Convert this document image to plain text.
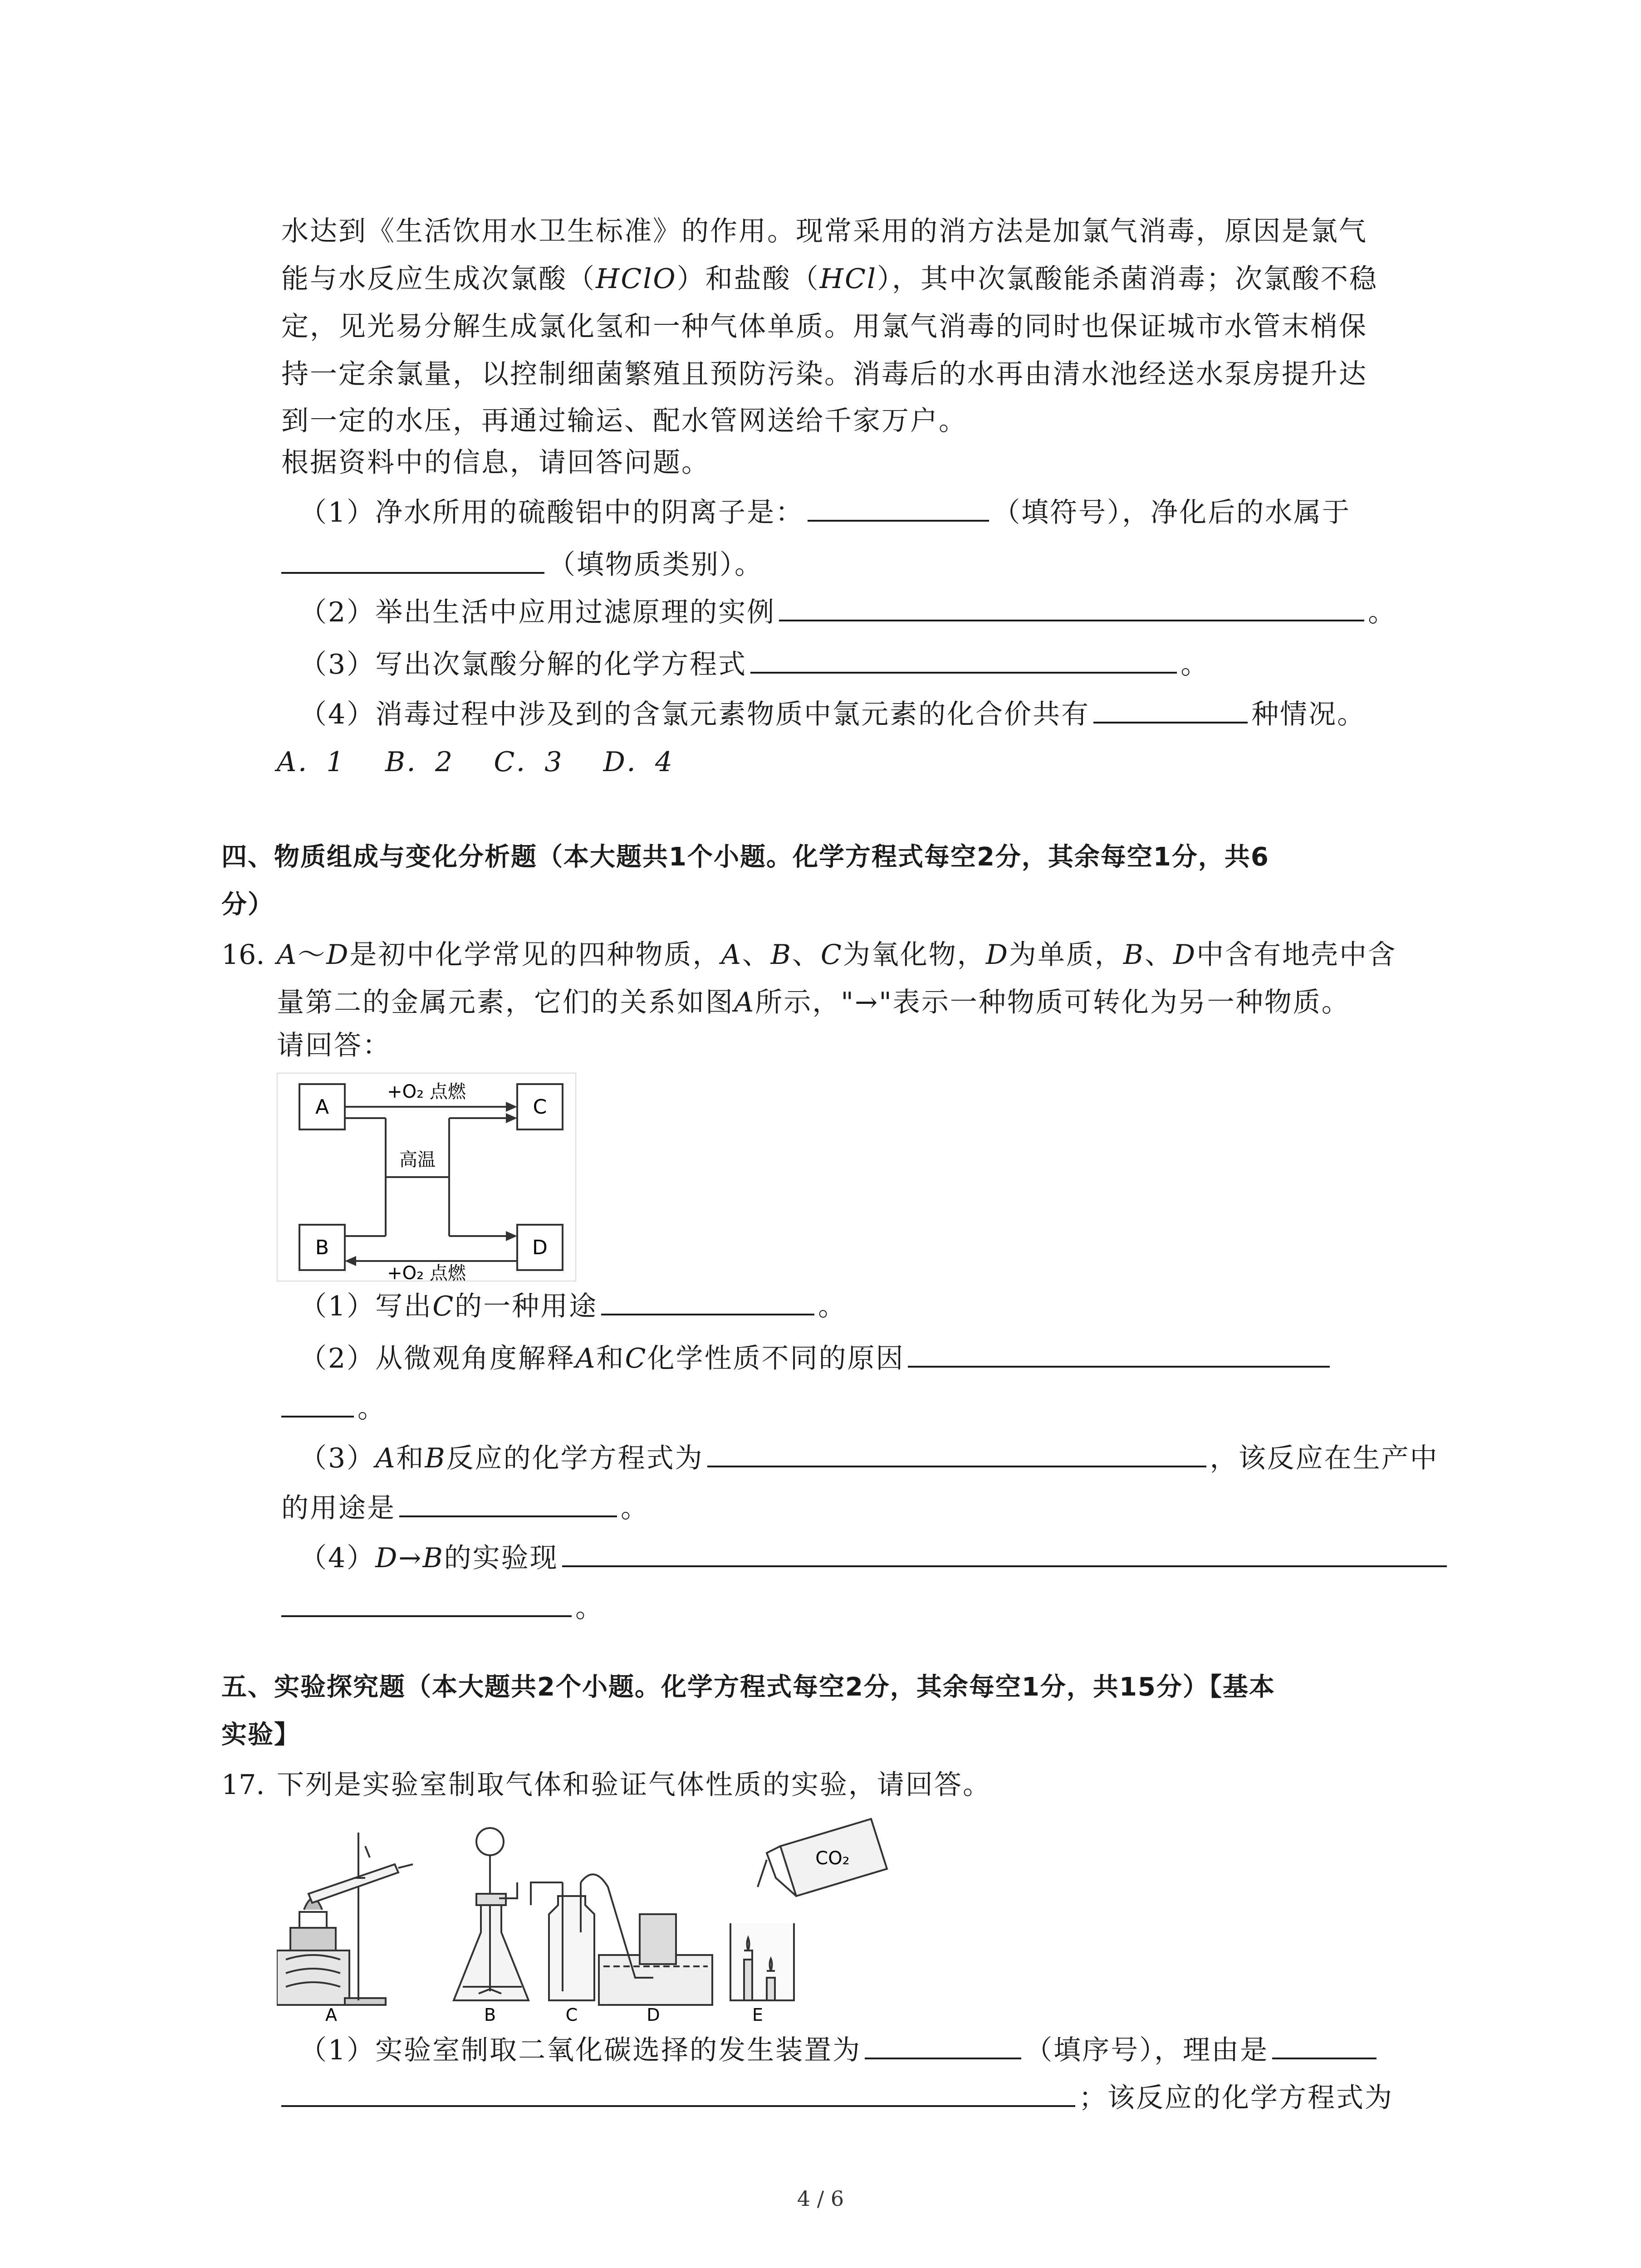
水达到《生活饮用水卫生标准》的作用。现常采用的消方法是加氯气消毒，原因是氯气
能与水反应生成次氯酸（HClO）和盐酸（HCl），其中次氯酸能杀菌消毒；次氯酸不稳
定，见光易分解生成氯化氢和一种气体单质。用氯气消毒的同时也保证城市水管末梢保
持一定余氯量，以控制细菌繁殖且预防污染。消毒后的水再由清水池经送水泵房提升达
到一定的水压，再通过输运、配水管网送给千家万户。
根据资料中的信息，请回答问题。
（1）净水所用的硫酸铝中的阴离子是：	（填符号），净化后的水属于
（填物质类别）。
（2）举出生活中应用过滤原理的实例	。
（3）写出次氯酸分解的化学方程式	。
（4）消毒过程中涉及到的含氯元素物质中氯元素的化合价共有	种情况。
A．1 B．2 C．3 D．4
四、物质组成与变化分析题（本大题共1个小题。化学方程式每空2分，其余每空1分，共6
分）
16. A～D是初中化学常见的四种物质，A、B、C为氧化物，D为单质，B、D中含有地壳中含
量第二的金属元素，它们的关系如图A所示，"→"表示一种物质可转化为另一种物质。
请回答：
A	C
B	D
+O₂ 点燃
+O₂ 点燃
高温
（1）写出C的一种用途	。
（2）从微观角度解释A和C化学性质不同的原因
。
（3）A和B反应的化学方程式为	，该反应在生产中
的用途是	。
（4）D→B的实验现
。
五、实验探究题（本大题共2个小题。化学方程式每空2分，其余每空1分，共15分）【基本
实验】
17. 下列是实验室制取气体和验证气体性质的实验，请回答。
CO₂
A	B	C	D	E
（1）实验室制取二氧化碳选择的发生装置为	（填序号），理由是
；该反应的化学方程式为
4 / 6
